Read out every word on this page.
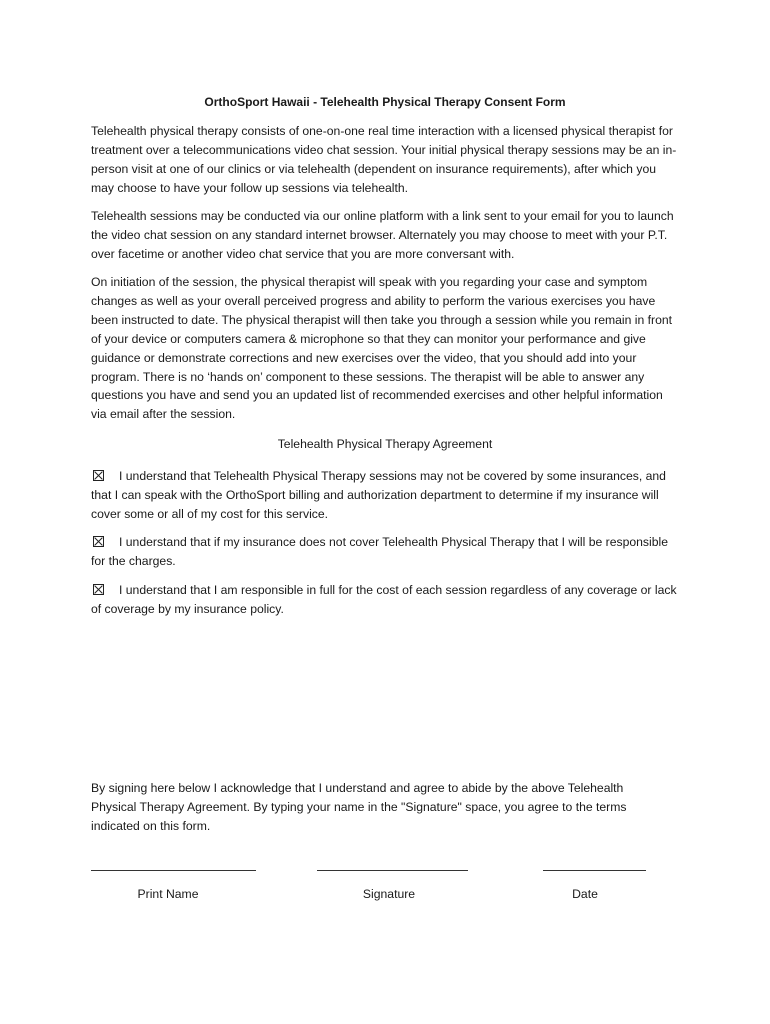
OrthoSport Hawaii - Telehealth Physical Therapy Consent Form

Telehealth physical therapy consists of one-on-one real time interaction with a licensed physical therapist for treatment over a telecommunications video chat session. Your initial physical therapy sessions may be an in-person visit at one of our clinics or via telehealth (dependent on insurance requirements), after which you may choose to have your follow up sessions via telehealth.

Telehealth sessions may be conducted via our online platform with a link sent to your email for you to launch the video chat session on any standard internet browser. Alternately you may choose to meet with your P.T. over facetime or another video chat service that you are more conversant with.

On initiation of the session, the physical therapist will speak with you regarding your case and symptom changes as well as your overall perceived progress and ability to perform the various exercises you have been instructed to date. The physical therapist will then take you through a session while you remain in front of your device or computers camera & microphone so that they can monitor your performance and give guidance or demonstrate corrections and new exercises over the video, that you should add into your program. There is no ‘hands on’ component to these sessions. The therapist will be able to answer any questions you have and send you an updated list of recommended exercises and other helpful information via email after the session.

Telehealth Physical Therapy Agreement

I understand that Telehealth Physical Therapy sessions may not be covered by some insurances, and that I can speak with the OrthoSport billing and authorization department to determine if my insurance will cover some or all of my cost for this service.

I understand that if my insurance does not cover Telehealth Physical Therapy that I will be responsible for the charges.

I understand that I am responsible in full for the cost of each session regardless of any coverage or lack of coverage by my insurance policy.

By signing here below I acknowledge that I understand and agree to abide by the above Telehealth Physical Therapy Agreement. By typing your name in the "Signature" space, you agree to the terms indicated on this form.

Print Name	Signature	Date
